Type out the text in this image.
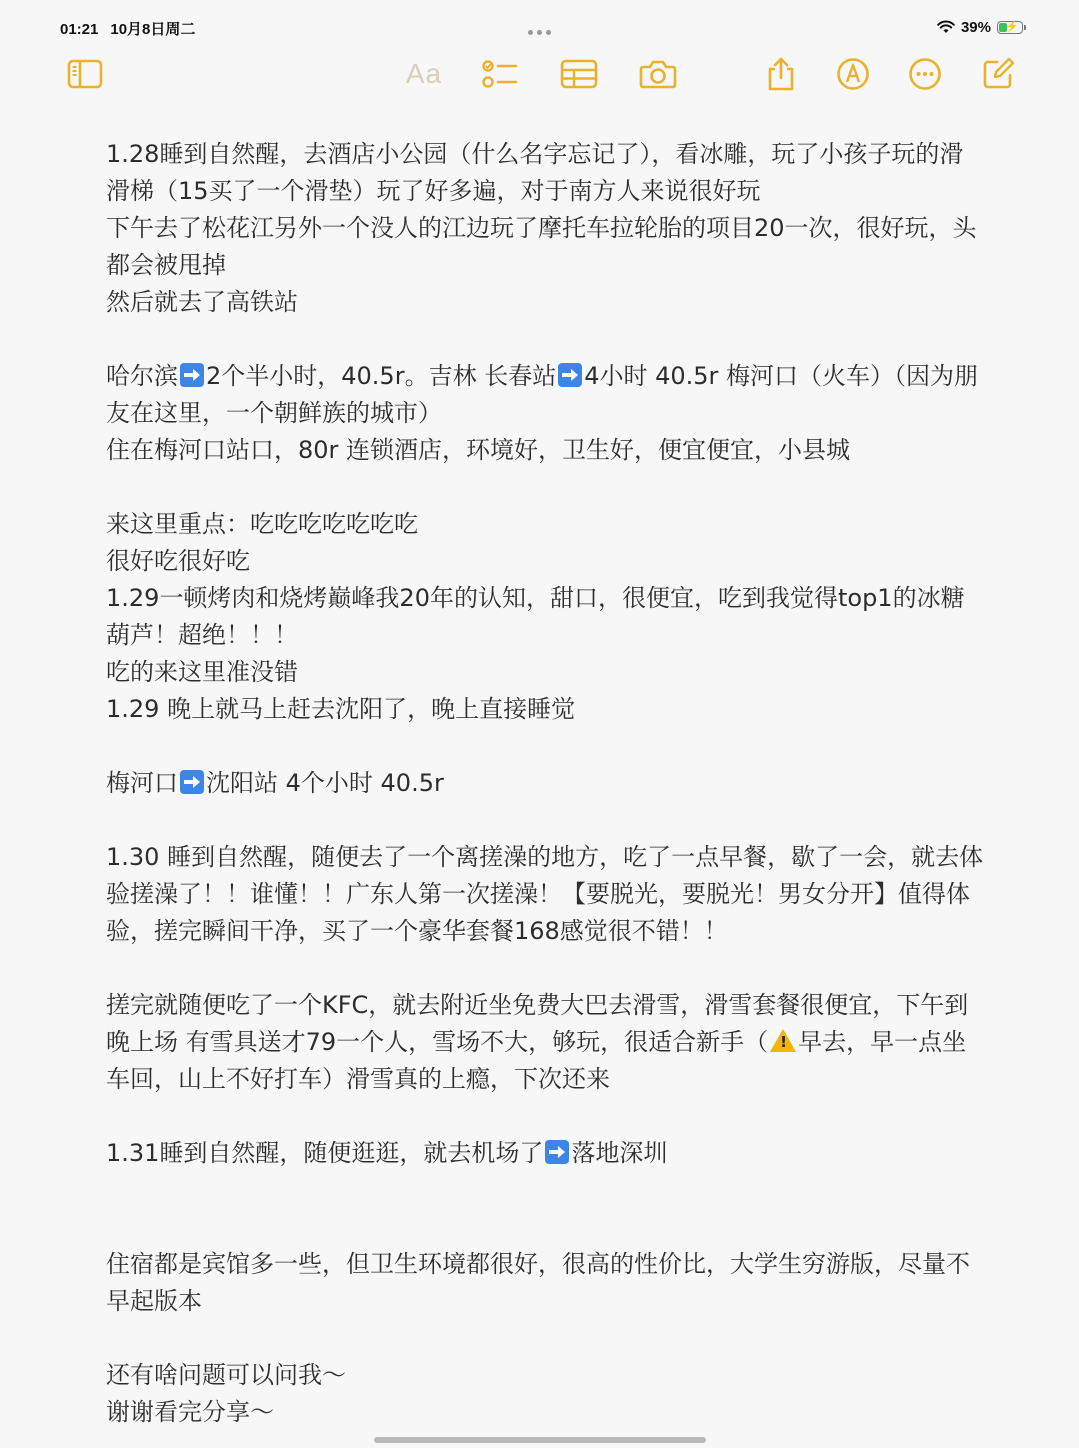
01:21 10月8日周二	39% ⚡
Aa

1.28睡到自然醒，去酒店小公园（什么名字忘记了），看冰雕，玩了小孩子玩的滑滑梯（15买了一个滑垫）玩了好多遍，对于南方人来说很好玩

下午去了松花江另外一个没人的江边玩了摩托车拉轮胎的项目20一次，很好玩，头都会被甩掉

然后就去了高铁站

哈尔滨 2个半小时，40.5r。吉林 长春站 4小时 40.5r 梅河口（火车）（因为朋友在这里，一个朝鲜族的城市）

住在梅河口站口，80r 连锁酒店，环境好，卫生好，便宜便宜，小县城

来这里重点：吃吃吃吃吃吃吃

很好吃很好吃

1.29一顿烤肉和烧烤巅峰我20年的认知，甜口，很便宜，吃到我觉得top1的冰糖葫芦！超绝！！！

吃的来这里准没错

1.29 晚上就马上赶去沈阳了，晚上直接睡觉

梅河口 沈阳站 4个小时 40.5r

1.30 睡到自然醒，随便去了一个离搓澡的地方，吃了一点早餐，歇了一会，就去体验搓澡了！！谁懂！！广东人第一次搓澡！【要脱光，要脱光！男女分开】值得体验，搓完瞬间干净，买了一个豪华套餐168感觉很不错！！

搓完就随便吃了一个KFC，就去附近坐免费大巴去滑雪，滑雪套餐很便宜，下午到晚上场 有雪具送才79一个人，雪场不大，够玩，很适合新手（! 早去，早一点坐车回，山上不好打车）滑雪真的上瘾，下次还来

1.31睡到自然醒，随便逛逛，就去机场了 落地深圳

住宿都是宾馆多一些，但卫生环境都很好，很高的性价比，大学生穷游版，尽量不早起版本

还有啥问题可以问我～

谢谢看完分享～
